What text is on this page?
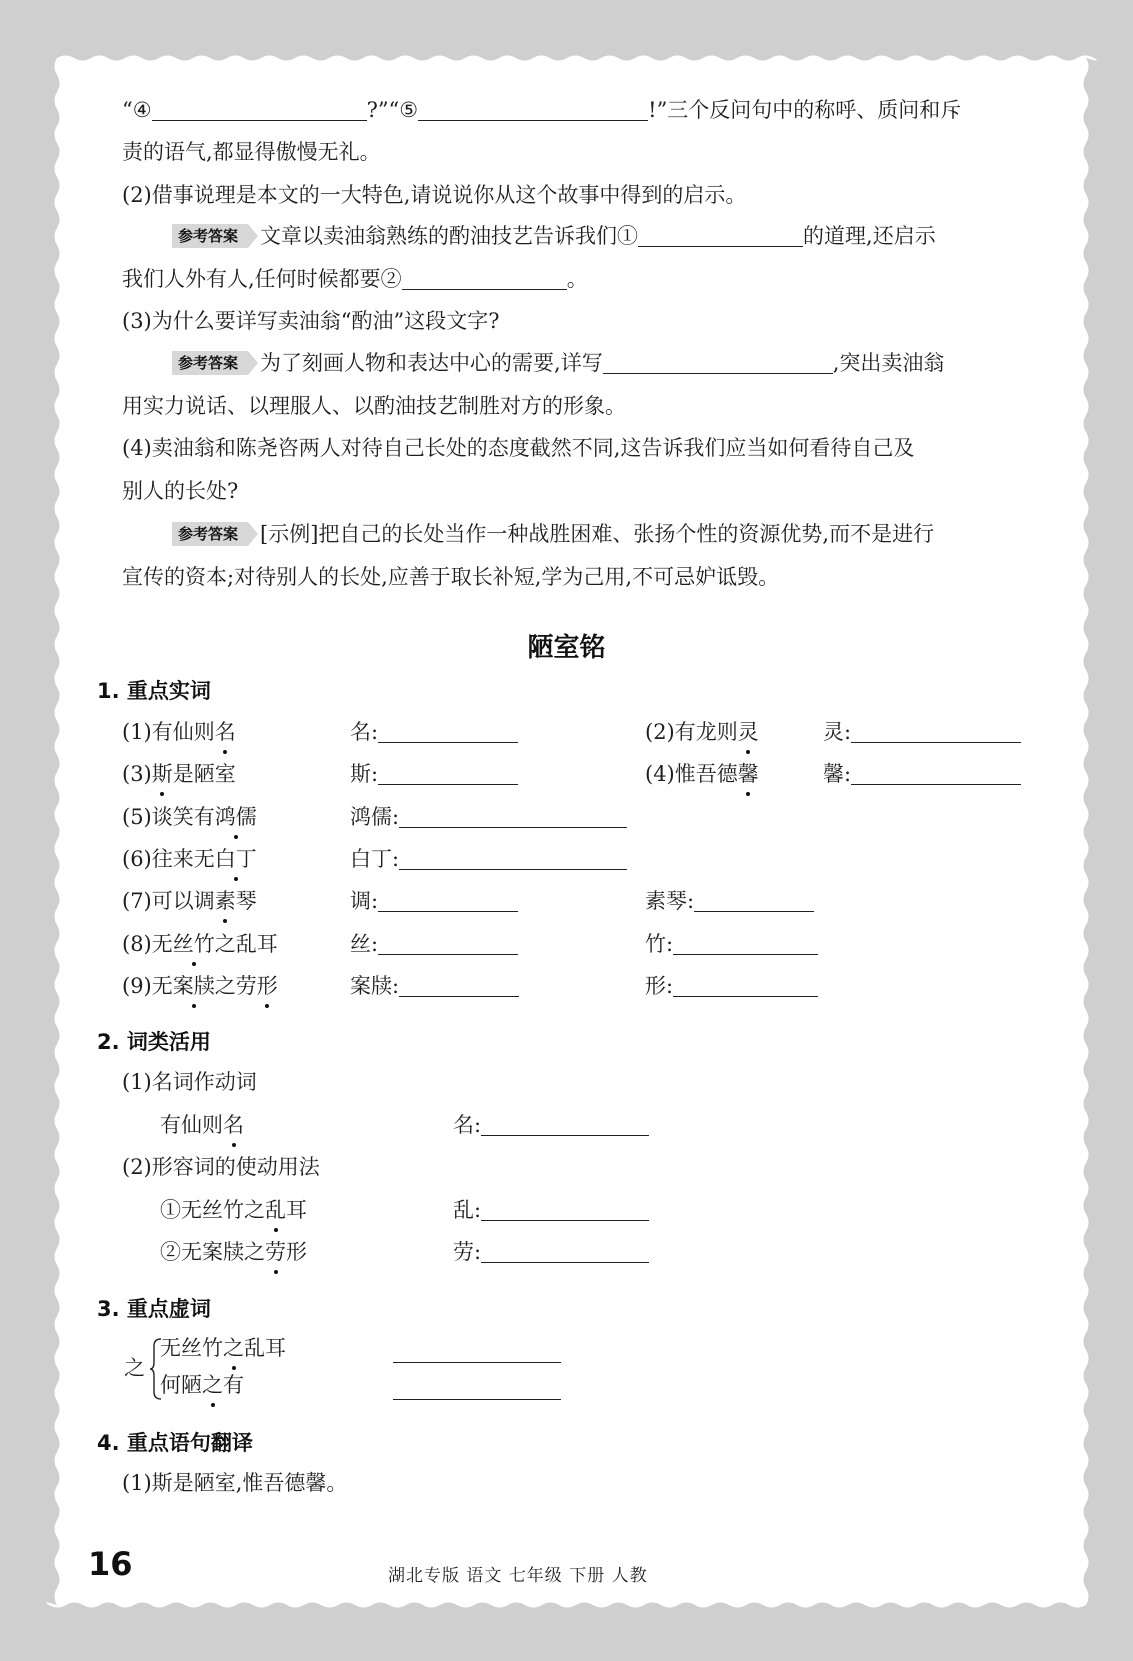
“④	?”“⑤	!”三个反问句中的称呼、质问和斥
责的语气,都显得傲慢无礼。
(2)借事说理是本文的一大特色,请说说你从这个故事中得到的启示。
参考答案 文章以卖油翁熟练的酌油技艺告诉我们①	的道理,还启示
我们人外有人,任何时候都要②	。
(3)为什么要详写卖油翁“酌油”这段文字?
参考答案 为了刻画人物和表达中心的需要,详写	,突出卖油翁
用实力说话、以理服人、以酌油技艺制胜对方的形象。
(4)卖油翁和陈尧咨两人对待自己长处的态度截然不同,这告诉我们应当如何看待自己及
别人的长处?
参考答案 [示例]把自己的长处当作一种战胜困难、张扬个性的资源优势,而不是进行
宣传的资本;对待别人的长处,应善于取长补短,学为己用,不可忌妒诋毁。
陋室铭
1. 重点实词
(1)有仙则名	名:	(2)有龙则灵	灵:
(3)斯是陋室	斯:	(4)惟吾德馨	馨:
(5)谈笑有鸿儒	鸿儒:
(6)往来无白丁	白丁:
(7)可以调素琴	调:	素琴:
(8)无丝竹之乱耳	丝:	竹:
(9)无案牍之劳形	案牍:	形:
2. 词类活用
(1)名词作动词
有仙则名	名:
(2)形容词的使动用法
①无丝竹之乱耳	乱:
②无案牍之劳形	劳:
3. 重点虚词
之
无丝竹之乱耳
何陋之有
4. 重点语句翻译
(1)斯是陋室,惟吾德馨。
16	湖北专版 语文 七年级 下册 人教
